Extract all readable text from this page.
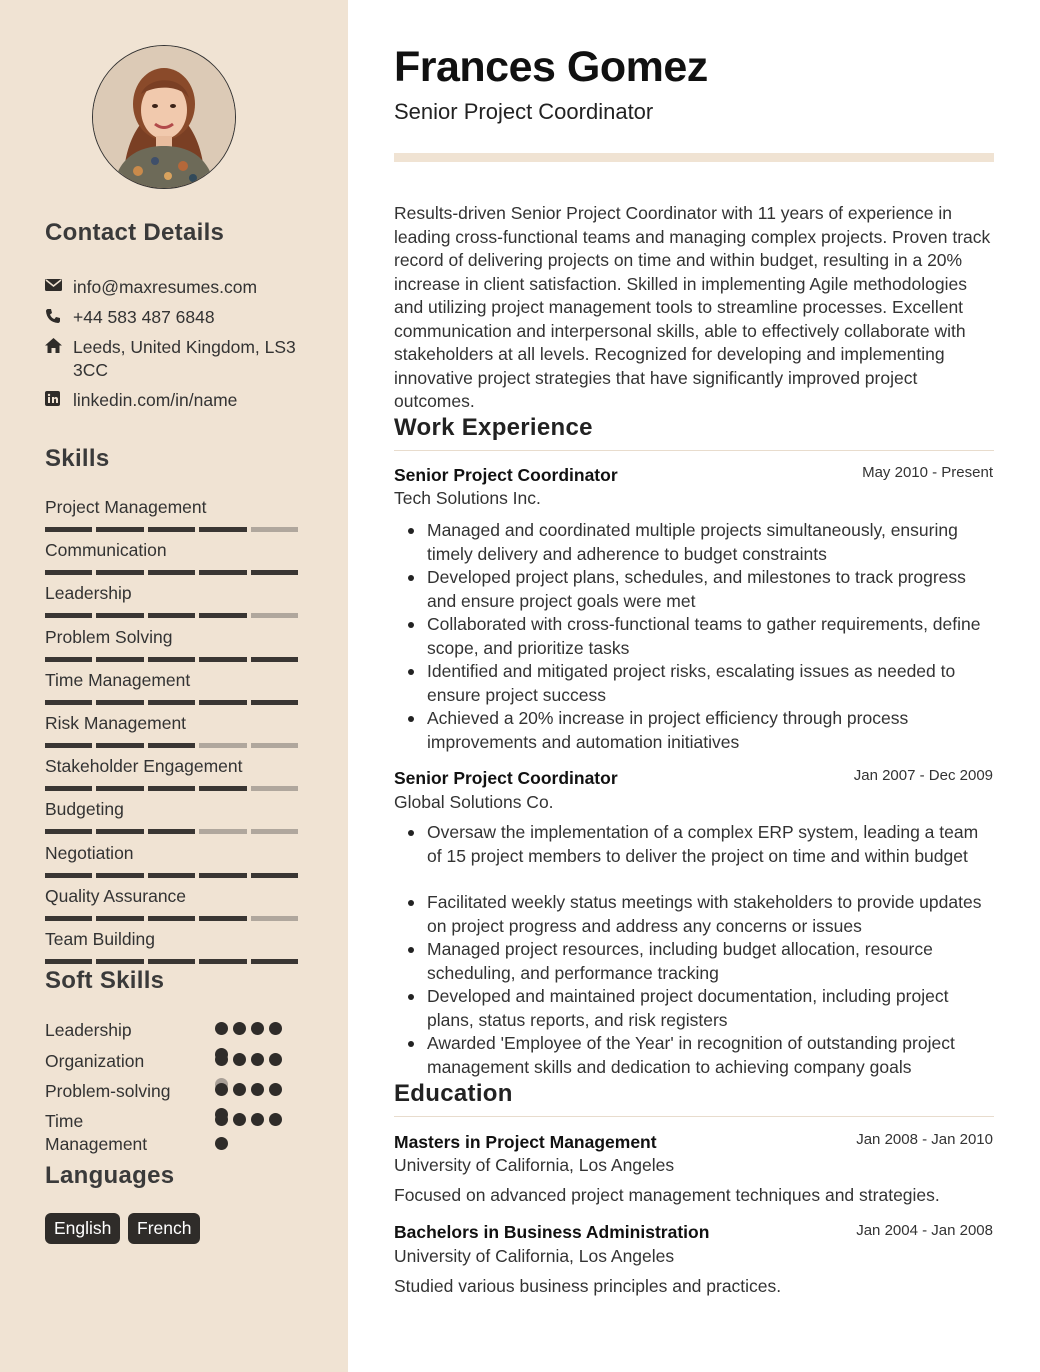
Contact Details
info@maxresumes.com
+44 583 487 6848
Leeds, United Kingdom, LS3 3CC
linkedin.com/in/name
Skills
Project Management
Communication
Leadership
Problem Solving
Time Management
Risk Management
Stakeholder Engagement
Budgeting
Negotiation
Quality Assurance
Team Building
Soft Skills
Leadership
Organization
Problem-solving
Time Management
Languages
English	French
Frances Gomez
Senior Project Coordinator

Results-driven Senior Project Coordinator with 11 years of experience in leading cross-functional teams and managing complex projects. Proven track record of delivering projects on time and within budget, resulting in a 20% increase in client satisfaction. Skilled in implementing Agile methodologies and utilizing project management tools to streamline processes. Excellent communication and interpersonal skills, able to effectively collaborate with stakeholders at all levels. Recognized for developing and implementing innovative project strategies that have significantly improved project outcomes.

Work Experience
Senior Project Coordinator	May 2010 - Present
Tech Solutions Inc.
Managed and coordinated multiple projects simultaneously, ensuring timely delivery and adherence to budget constraints
Developed project plans, schedules, and milestones to track progress and ensure project goals were met
Collaborated with cross-functional teams to gather requirements, define scope, and prioritize tasks
Identified and mitigated project risks, escalating issues as needed to ensure project success
Achieved a 20% increase in project efficiency through process improvements and automation initiatives
Senior Project Coordinator	Jan 2007 - Dec 2009
Global Solutions Co.
Oversaw the implementation of a complex ERP system, leading a team of 15 project members to deliver the project on time and within budget
Facilitated weekly status meetings with stakeholders to provide updates on project progress and address any concerns or issues
Managed project resources, including budget allocation, resource scheduling, and performance tracking
Developed and maintained project documentation, including project plans, status reports, and risk registers
Awarded 'Employee of the Year' in recognition of outstanding project management skills and dedication to achieving company goals
Education
Masters in Project Management	Jan 2008 - Jan 2010
University of California, Los Angeles
Focused on advanced project management techniques and strategies.
Bachelors in Business Administration	Jan 2004 - Jan 2008
University of California, Los Angeles
Studied various business principles and practices.
